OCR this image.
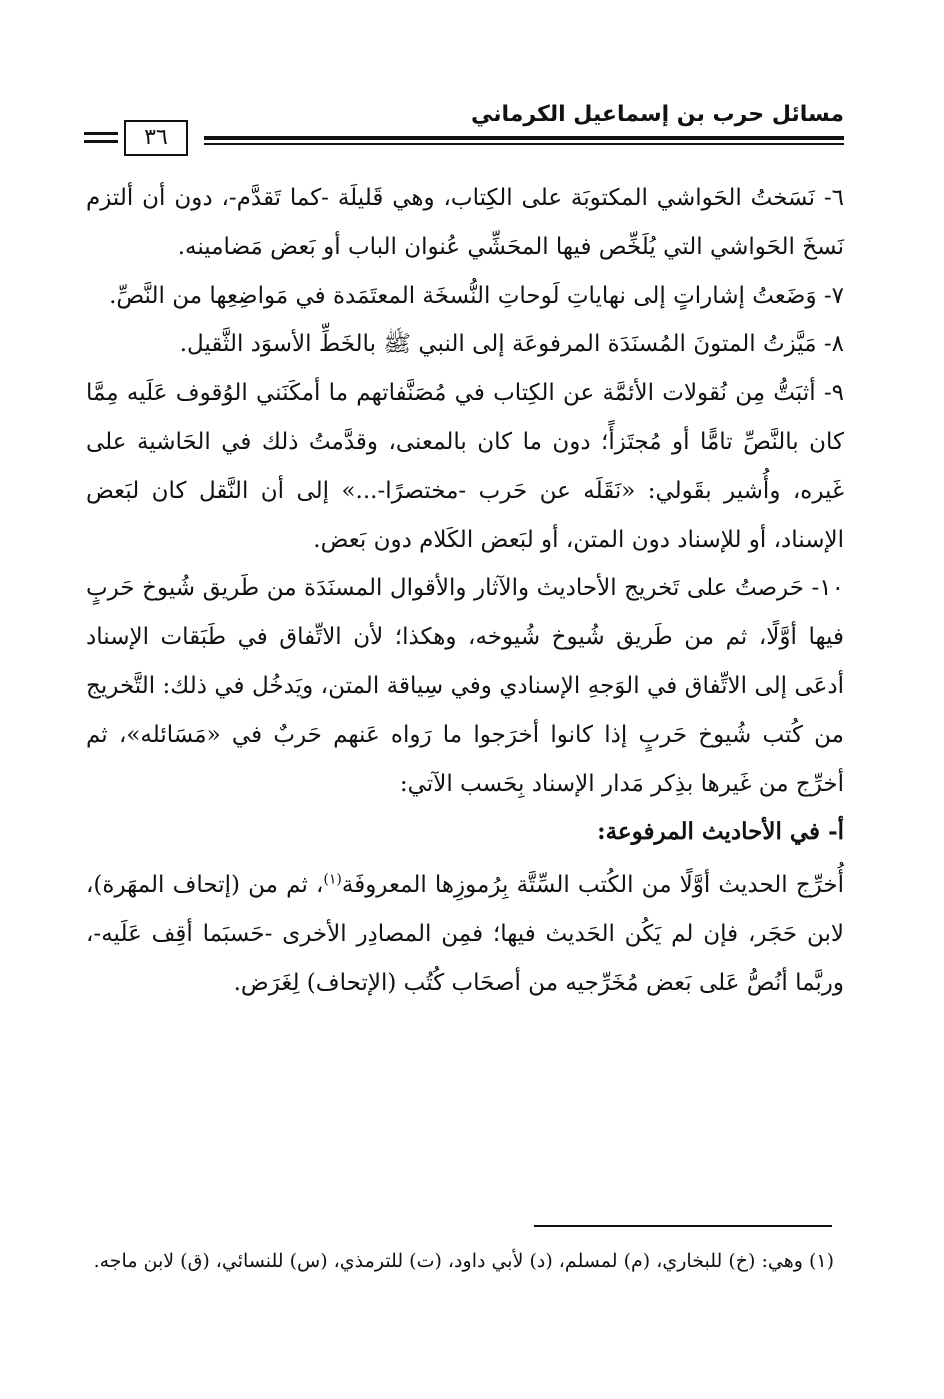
مسائل حرب بن إسماعيل الكرماني
٣٦

٦- نَسَختُ الحَواشي المكتوبَة على الكِتاب، وهي قَليلَة -كما تَقدَّم-، دون أن ألتزم نَسخَ الحَواشي التي يُلَخِّص فيها المحَشِّي عُنوان الباب أو بَعض مَضامينه.

٧- وَضَعتُ إشاراتٍ إلى نهاياتِ لَوحاتِ النُّسخَة المعتَمَدة في مَواضِعِها من النَّصِّ.

٨- مَيَّزتُ المتونَ المُسنَدَة المرفوعَة إلى النبي ﷺ بالخَطِّ الأسوَد الثَّقيل.

٩- أثبَتُّ مِن نُقولات الأئمَّة عن الكِتاب في مُصَنَّفاتهم ما أمكَنَني الوُقوف عَلَيه مِمَّا كان بالنَّصِّ تامًّا أو مُجتَزأً؛ دون ما كان بالمعنى، وقدَّمتُ ذلك في الحَاشية على غَيره، وأُشير بقَولي: «نَقَلَه عن حَرب -مختصرًا-...» إلى أن النَّقل كان لبَعض الإسناد، أو للإسناد دون المتن، أو لبَعض الكَلام دون بَعض.

١٠- حَرصتُ على تَخريج الأحاديث والآثار والأقوال المسنَدَة من طَريق شُيوخ حَربٍ فيها أوَّلًا، ثم من طَريق شُيوخ شُيوخه، وهكذا؛ لأن الاتِّفاق في طَبَقات الإسناد أدعَى إلى الاتِّفاق في الوَجهِ الإسنادي وفي سِياقة المتن، ويَدخُل في ذلك: التَّخريج من كُتب شُيوخ حَربٍ إذا كانوا أخرَجوا ما رَواه عَنهم حَربٌ في «مَسَائله»، ثم أخرِّج من غَيرها بذِكر مَدار الإسناد بِحَسب الآتي:

أ- في الأحاديث المرفوعة:

أُخرِّج الحديث أوَّلًا من الكُتب السِّتَّة بِرُموزِها المعروفَة$^{(١)}$، ثم من (إتحاف المهَرة)، لابن حَجَر، فإن لم يَكُن الحَديث فيها؛ فمِن المصادِر الأخرى -حَسبَما أقِف عَلَيه-، وربَّما أنُصُّ عَلى بَعض مُخَرِّجيه من أصحَاب كُتُب (الإتحاف) لِغَرَض.

(١) وهي: (خ) للبخاري، (م) لمسلم، (د) لأبي داود، (ت) للترمذي، (س) للنسائي، (ق) لابن ماجه.
